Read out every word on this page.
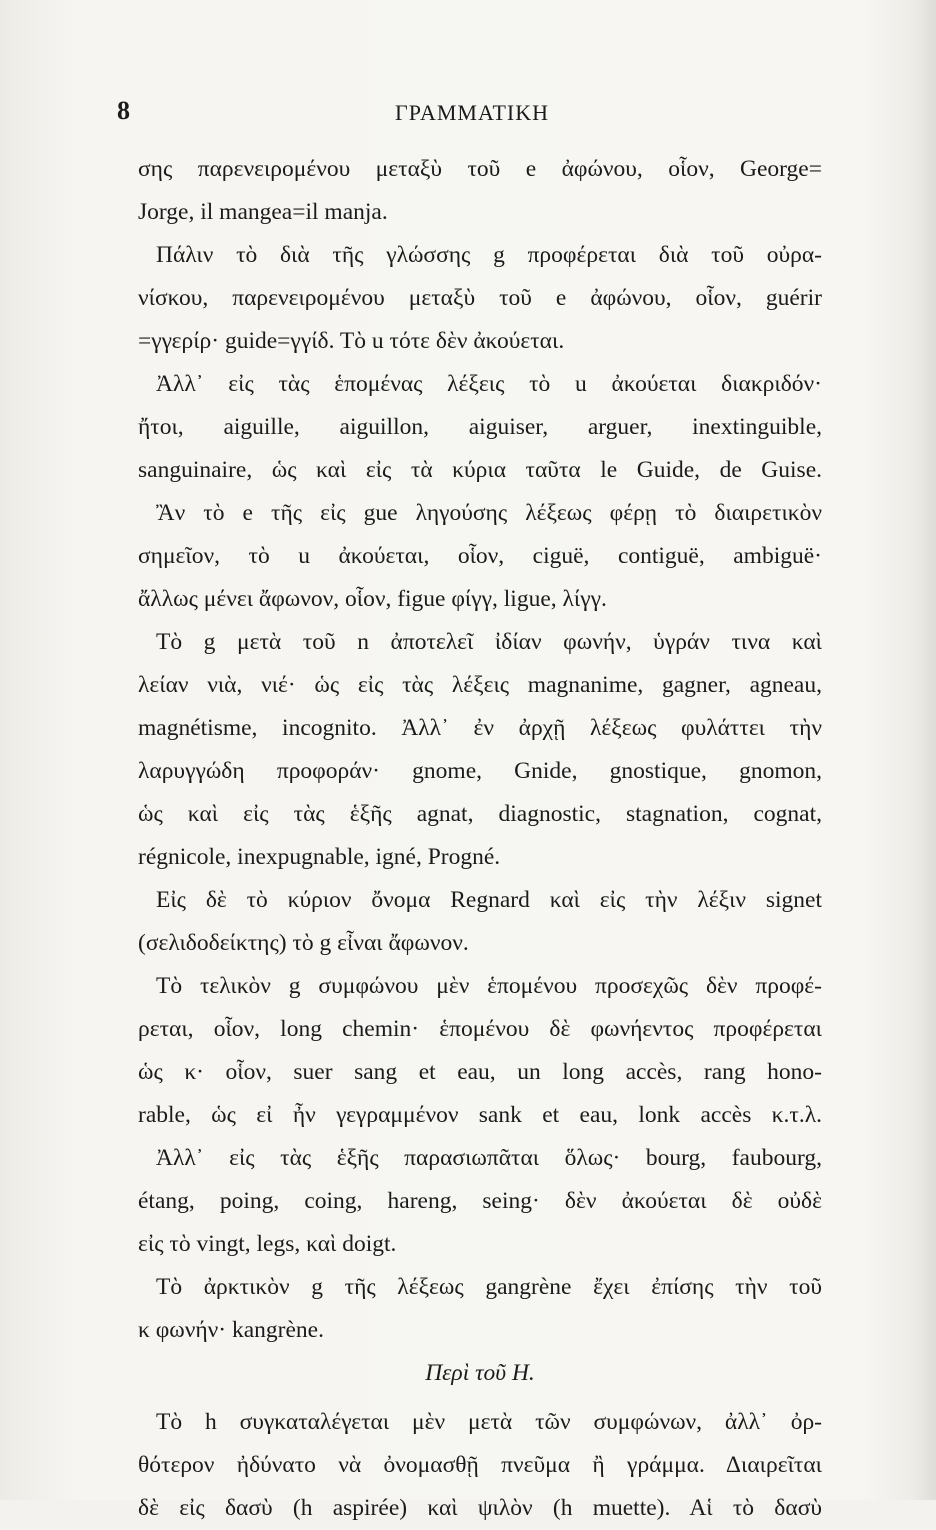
8	ΓΡΑΜΜΑΤΙΚΗ
σης παρενειρομένου μεταξὺ τοῦ e ἀφώνου, οἷον, George=
Jorge, il mangea=il manja.
Πάλιν τὸ διὰ τῆς γλώσσης g προφέρεται διὰ τοῦ οὐρα-
νίσκου, παρενειρομένου μεταξὺ τοῦ e ἀφώνου, οἷον, guérir
=γγερίρ· guide=γγίδ. Τὸ u τότε δὲν ἀκούεται.
Ἀλλ᾽ εἰς τὰς ἑπομένας λέξεις τὸ u ἀκούεται διακριδόν·
ἤτοι, aiguille, aiguillon, aiguiser, arguer, inextinguible,
sanguinaire, ὡς καὶ εἰς τὰ κύρια ταῦτα le Guide, de Guise.
Ἂν τὸ e τῆς εἰς gue ληγούσης λέξεως φέρῃ τὸ διαιρετικὸν
σημεῖον, τὸ u ἀκούεται, οἷον, ciguë, contiguë, ambiguë·
ἄλλως μένει ἄφωνον, οἷον, figue φίγγ, ligue, λίγγ.
Τὸ g μετὰ τοῦ n ἀποτελεῖ ἰδίαν φωνήν, ὑγράν τινα καὶ
λείαν νιὰ, νιέ· ὡς εἰς τὰς λέξεις magnanime, gagner, agneau,
magnétisme, incognito. Ἀλλ᾽ ἐν ἀρχῇ λέξεως φυλάττει τὴν
λαρυγγώδη προφοράν· gnome, Gnide, gnostique, gnomon,
ὡς καὶ εἰς τὰς ἑξῆς agnat, diagnostic, stagnation, cognat,
régnicole, inexpugnable, igné, Progné.
Εἰς δὲ τὸ κύριον ὄνομα Regnard καὶ εἰς τὴν λέξιν signet
(σελιδοδείκτης) τὸ g εἶναι ἄφωνον.
Τὸ τελικὸν g συμφώνου μὲν ἑπομένου προσεχῶς δὲν προφέ-
ρεται, οἷον, long chemin· ἑπομένου δὲ φωνήεντος προφέρεται
ὡς κ· οἷον, suer sang et eau, un long accès, rang hono-
rable, ὡς εἰ ἦν γεγραμμένον sank et eau, lonk accès κ.τ.λ.
Ἀλλ᾽ εἰς τὰς ἑξῆς παρασιωπᾶται ὅλως· bourg, faubourg,
étang, poing, coing, hareng, seing· δὲν ἀκούεται δὲ οὐδὲ
εἰς τὸ vingt, legs, καὶ doigt.
Τὸ ἀρκτικὸν g τῆς λέξεως gangrène ἔχει ἐπίσης τὴν τοῦ
κ φωνήν· kangrène.
Περὶ τοῦ H.
Τὸ h συγκαταλέγεται μὲν μετὰ τῶν συμφώνων, ἀλλ᾽ ὀρ-
θότερον ἠδύνατο νὰ ὀνομασθῇ πνεῦμα ἢ γράμμα. Διαιρεῖται
δὲ εἰς δασὺ (h aspirée) καὶ ψιλὸν (h muette). Αἱ τὸ δασὺ
